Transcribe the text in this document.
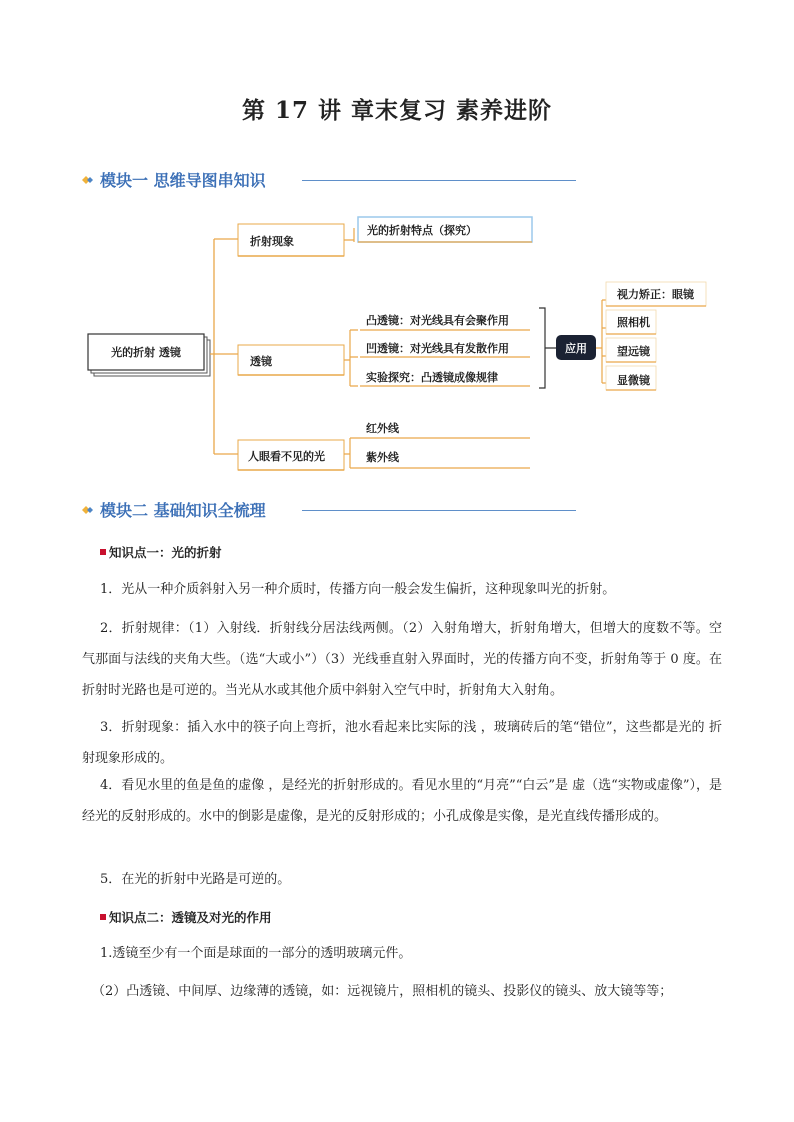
第 17 讲 章末复习 素养进阶
模块一 思维导图串知识
光的折射 透镜
折射现象
光的折射特点（探究）
透镜
凸透镜：对光线具有会聚作用
凹透镜：对光线具有发散作用
实验探究：凸透镜成像规律
应用
视力矫正：眼镜
照相机
望远镜
显微镜
人眼看不见的光
红外线
紫外线
模块二 基础知识全梳理
知识点一：光的折射
1．光从一种介质斜射入另一种介质时，传播方向一般会发生偏折，这种现象叫光的折射。
2．折射规律：（1）入射线．折射线分居法线两侧。（2）入射角增大，折射角增大，但增大的度数不等。空气那面与法线的夹角大些。（选“大或小”）（3）光线垂直射入界面时，光的传播方向不变，折射角等于 0 度。在折射时光路也是可逆的。当光从水或其他介质中斜射入空气中时，折射角大入射角。
3．折射现象：插入水中的筷子向上弯折，池水看起来比实际的浅 ，玻璃砖后的笔“错位”，这些都是光的 折射现象形成的。
4．看见水里的鱼是鱼的虚像 ，是经光的折射形成的。看见水里的“月亮”“白云”是 虚（选“实物或虚像”），是经光的反射形成的。水中的倒影是虚像，是光的反射形成的；小孔成像是实像，是光直线传播形成的。
5．在光的折射中光路是可逆的。
知识点二：透镜及对光的作用
1.透镜至少有一个面是球面的一部分的透明玻璃元件。
（2）凸透镜、中间厚、边缘薄的透镜，如：远视镜片，照相机的镜头、投影仪的镜头、放大镜等等；
